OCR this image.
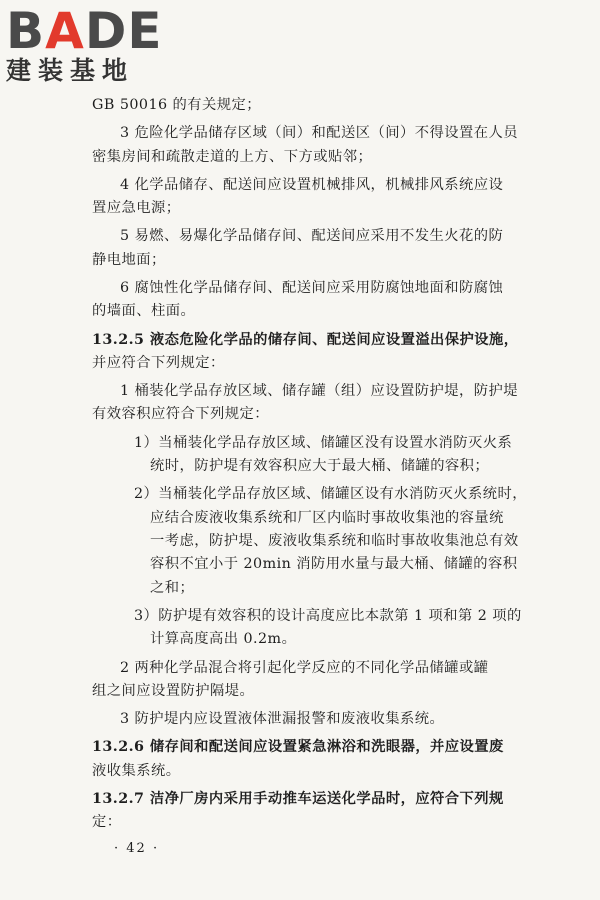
BADE
建装基地
GB 50016 的有关规定；
3 危险化学品储存区域（间）和配送区（间）不得设置在人员
密集房间和疏散走道的上方、下方或贴邻；
4 化学品储存、配送间应设置机械排风，机械排风系统应设
置应急电源；
5 易燃、易爆化学品储存间、配送间应采用不发生火花的防
静电地面；
6 腐蚀性化学品储存间、配送间应采用防腐蚀地面和防腐蚀
的墙面、柱面。
13.2.5 液态危险化学品的储存间、配送间应设置溢出保护设施，
并应符合下列规定：
1 桶装化学品存放区域、储存罐（组）应设置防护堤，防护堤
有效容积应符合下列规定：
1）当桶装化学品存放区域、储罐区没有设置水消防灭火系
统时，防护堤有效容积应大于最大桶、储罐的容积；
2）当桶装化学品存放区域、储罐区设有水消防灭火系统时，
应结合废液收集系统和厂区内临时事故收集池的容量统
一考虑，防护堤、废液收集系统和临时事故收集池总有效
容积不宜小于 20min 消防用水量与最大桶、储罐的容积
之和；
3）防护堤有效容积的设计高度应比本款第 1 项和第 2 项的
计算高度高出 0.2m。
2 两种化学品混合将引起化学反应的不同化学品储罐或罐
组之间应设置防护隔堤。
3 防护堤内应设置液体泄漏报警和废液收集系统。
13.2.6 储存间和配送间应设置紧急淋浴和洗眼器，并应设置废
液收集系统。
13.2.7 洁净厂房内采用手动推车运送化学品时，应符合下列规
定：
· 42 ·
